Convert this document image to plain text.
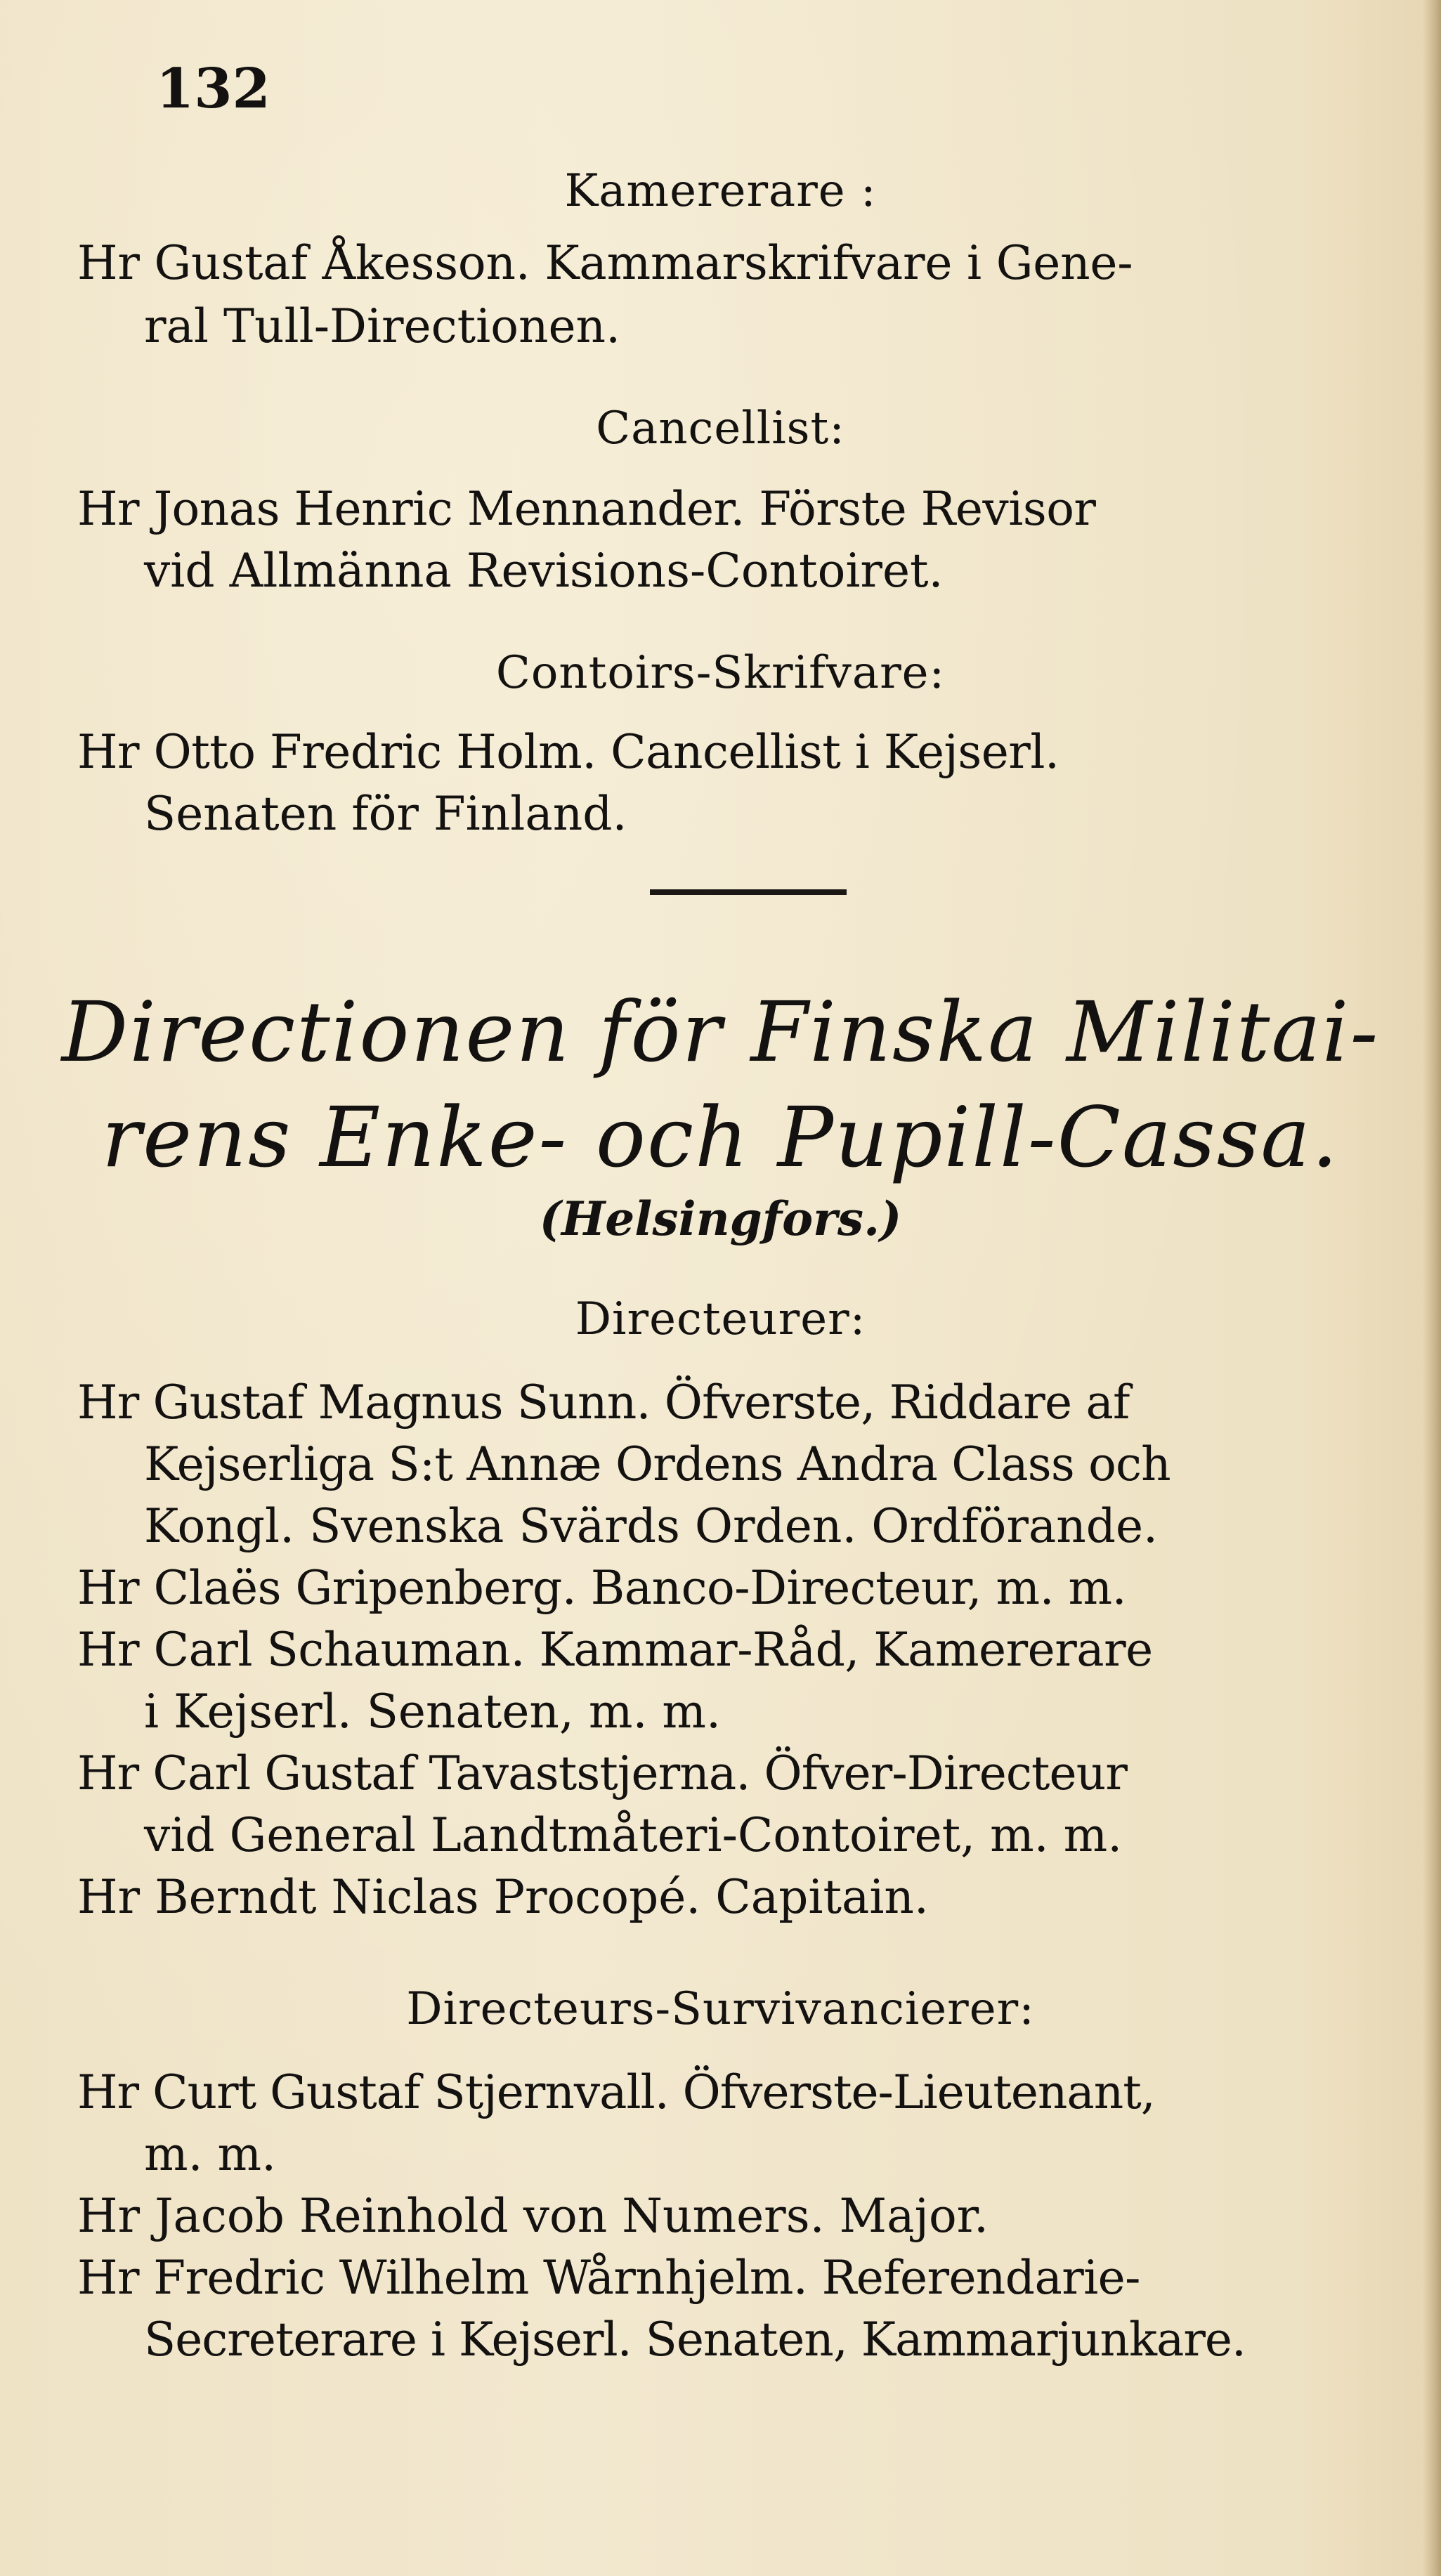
132
Kamererare :
Hr Gustaf Åkesson. Kammarskrifvare i Gene-
ral Tull-Directionen.
Cancellist:
Hr Jonas Henric Mennander. Förste Revisor
vid Allmänna Revisions-Contoiret.
Contoirs-Skrifvare:
Hr Otto Fredric Holm. Cancellist i Kejserl.
Senaten för Finland.
Directionen för Finska Militai-
rens Enke- och Pupill-Cassa.
(Helsingfors.)
Directeurer:
Hr Gustaf Magnus Sunn. Öfverste, Riddare af
Kejserliga S:t Annæ Ordens Andra Class och
Kongl. Svenska Svärds Orden. Ordförande.
Hr Claës Gripenberg. Banco-Directeur, m. m.
Hr Carl Schauman. Kammar-Råd, Kamererare
i Kejserl. Senaten, m. m.
Hr Carl Gustaf Tavaststjerna. Öfver-Directeur
vid General Landtmåteri-Contoiret, m. m.
Hr Berndt Niclas Procopé. Capitain.
Directeurs-Survivancierer:
Hr Curt Gustaf Stjernvall. Öfverste-Lieutenant,
m. m.
Hr Jacob Reinhold von Numers. Major.
Hr Fredric Wilhelm Wårnhjelm. Referendarie-
Secreterare i Kejserl. Senaten, Kammarjunkare.
